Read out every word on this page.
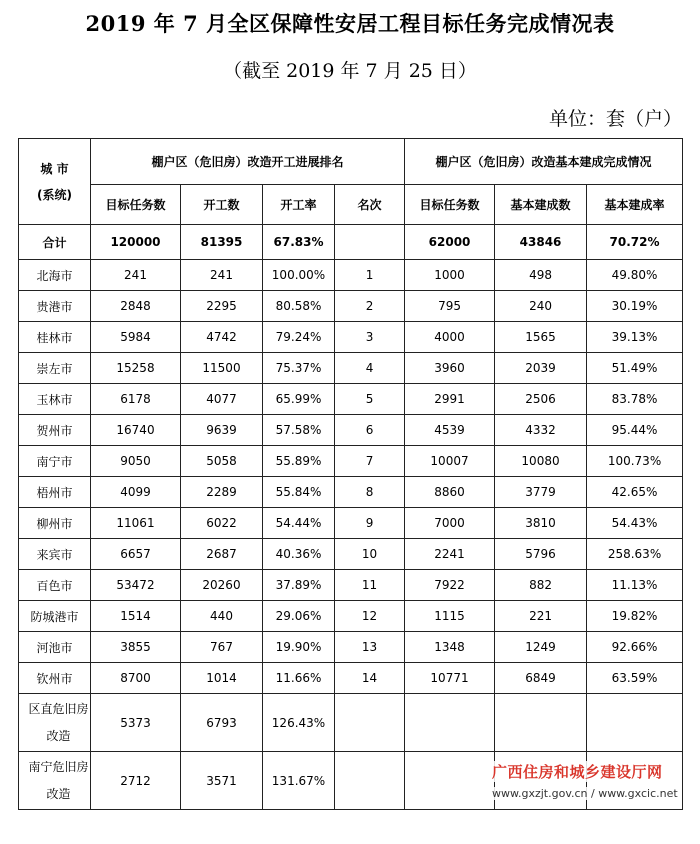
2019 年 7 月全区保障性安居工程目标任务完成情况表
（截至 2019 年 7 月 25 日）
单位：套（户）
城 市
(系统)	棚户区（危旧房）改造开工进展排名				棚户区（危旧房）改造基本建成完成情况		
	目标任务数	开工数	开工率	名次	目标任务数	基本建成数	基本建成率
合计	120000	81395	67.83%		62000	43846	70.72%
北海市	241	241	100.00%	1	1000	498	49.80%
贵港市	2848	2295	80.58%	2	795	240	30.19%
桂林市	5984	4742	79.24%	3	4000	1565	39.13%
崇左市	15258	11500	75.37%	4	3960	2039	51.49%
玉林市	6178	4077	65.99%	5	2991	2506	83.78%
贺州市	16740	9639	57.58%	6	4539	4332	95.44%
南宁市	9050	5058	55.89%	7	10007	10080	100.73%
梧州市	4099	2289	55.84%	8	8860	3779	42.65%
柳州市	11061	6022	54.44%	9	7000	3810	54.43%
来宾市	6657	2687	40.36%	10	2241	5796	258.63%
百色市	53472	20260	37.89%	11	7922	882	11.13%
防城港市	1514	440	29.06%	12	1115	221	19.82%
河池市	3855	767	19.90%	13	1348	1249	92.66%
钦州市	8700	1014	11.66%	14	10771	6849	63.59%
区直危旧房改造	5373	6793	126.43%				
南宁危旧房改造	2712	3571	131.67%					广西住房和城乡建设厅网
www.gxzjt.gov.cn / www.gxcic.net
